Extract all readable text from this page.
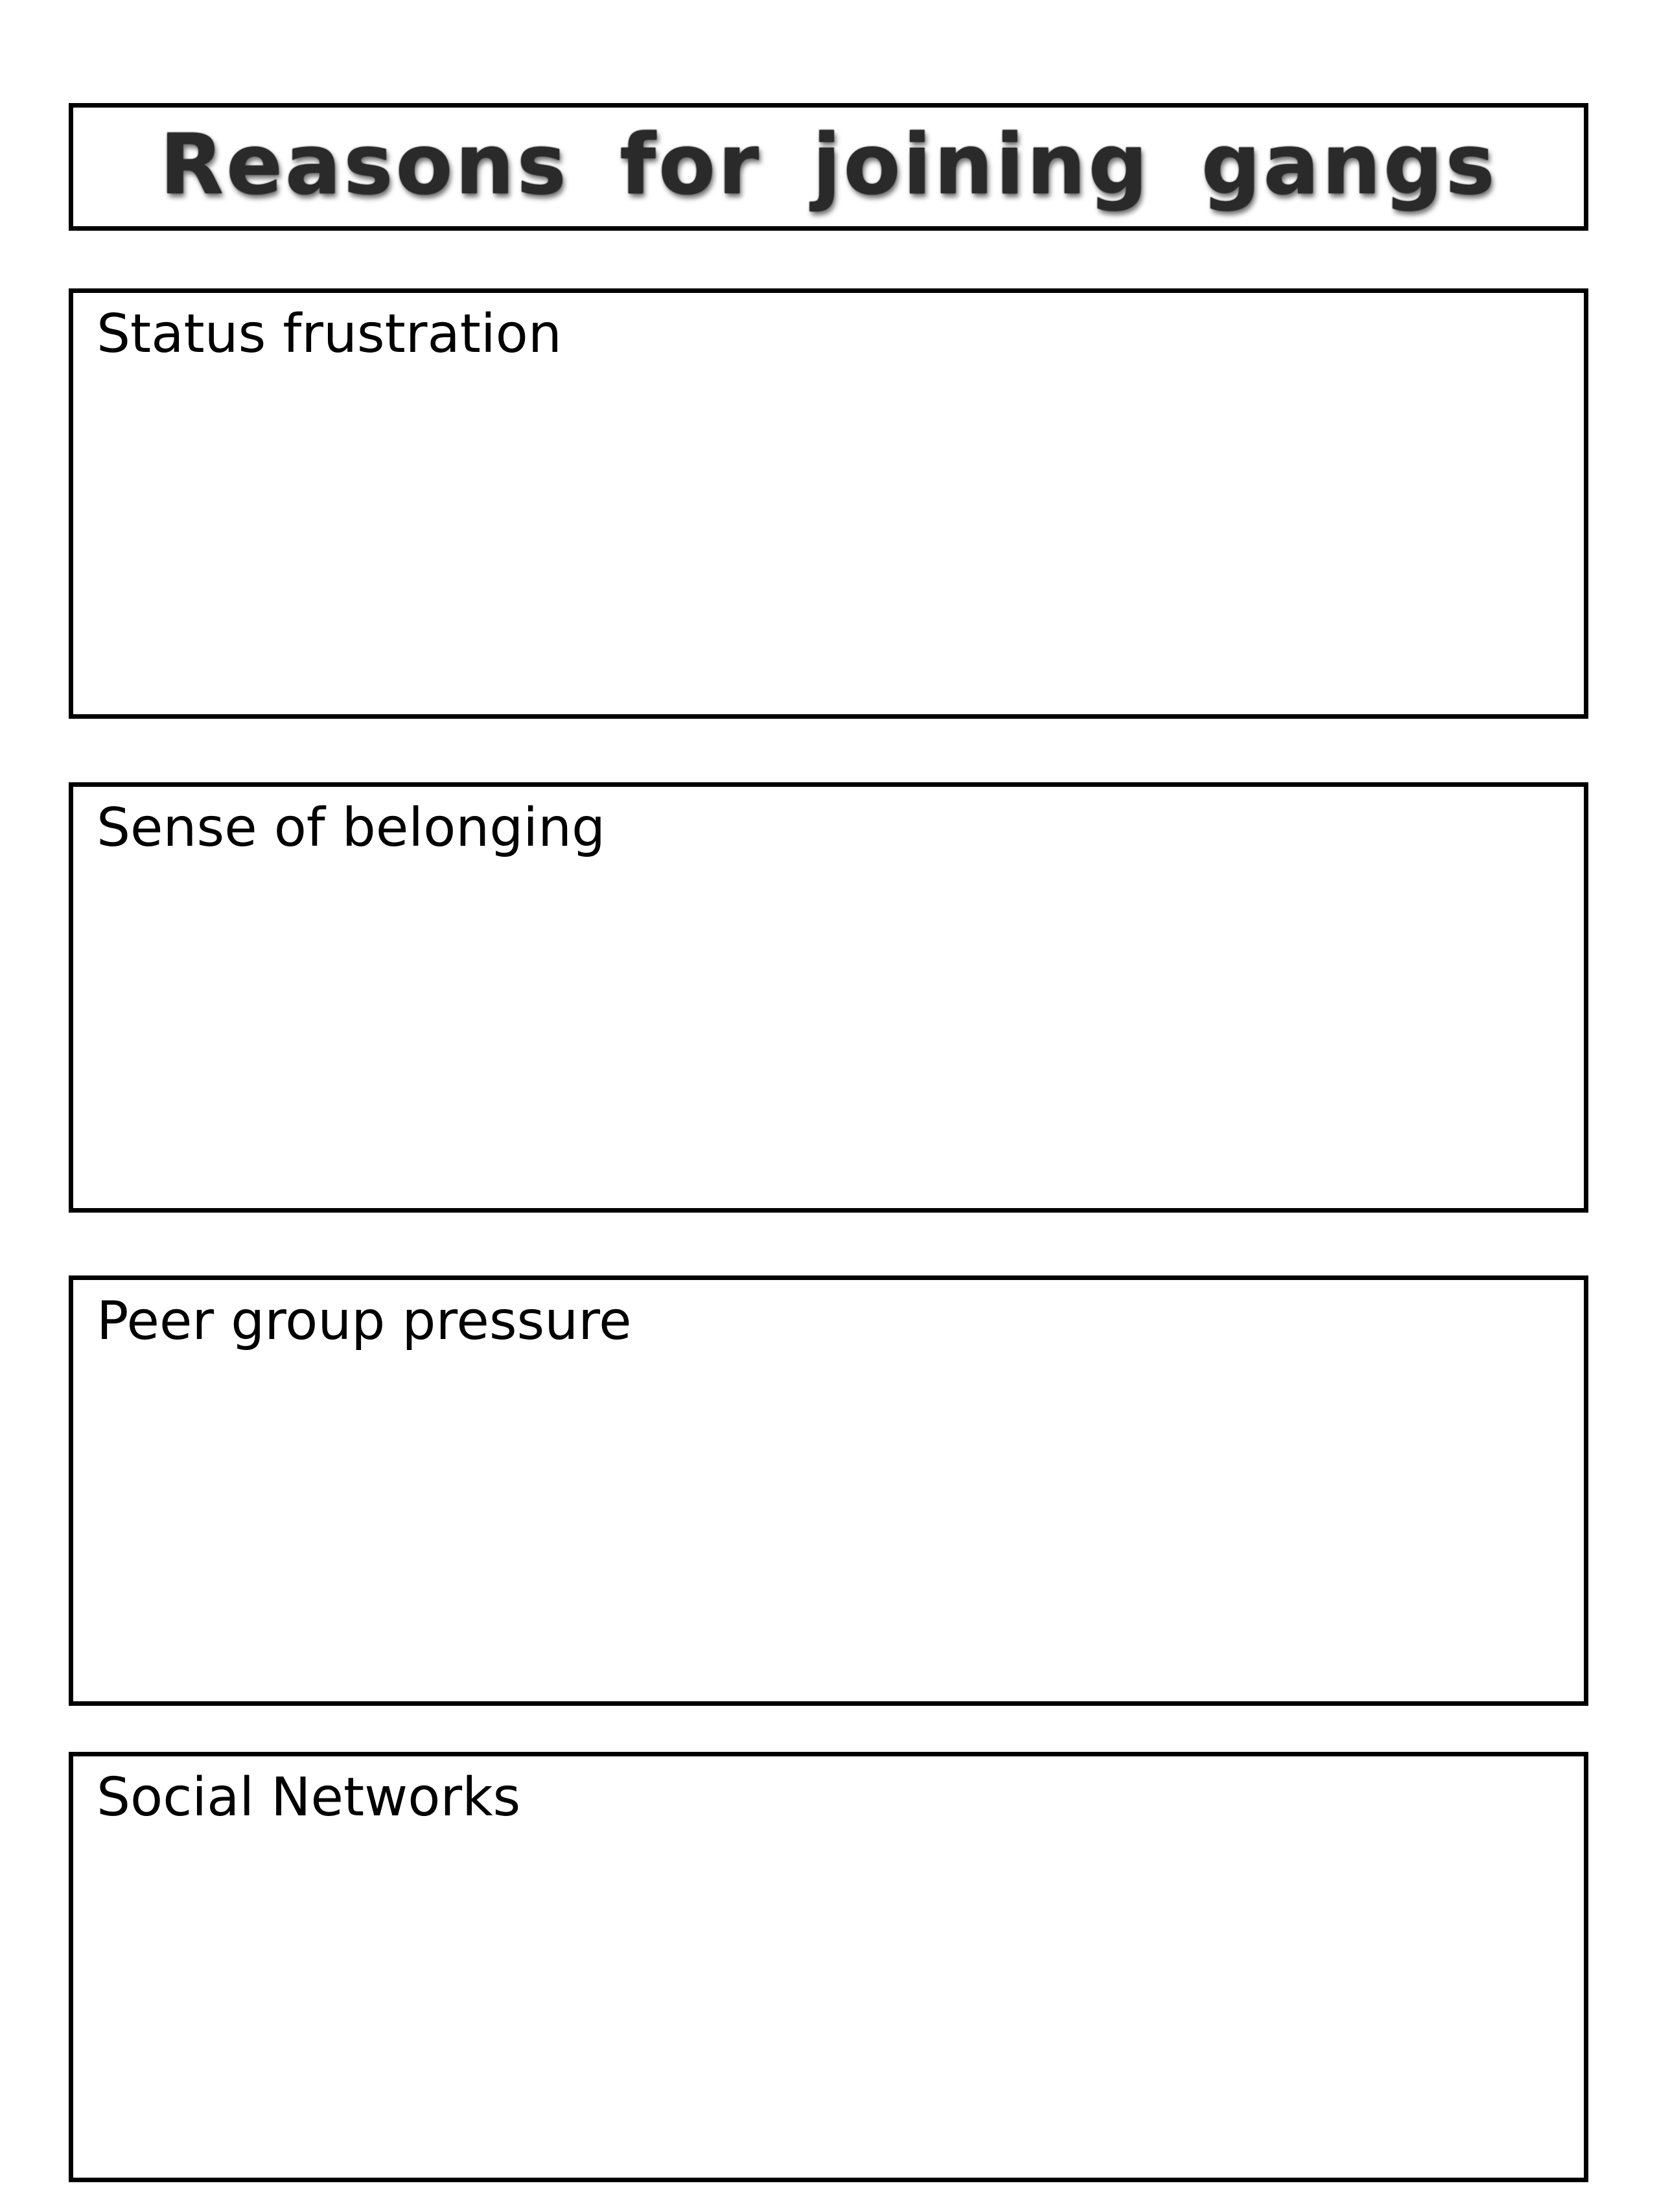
Reasons for joining gangs
Status frustration
Sense of belonging
Peer group pressure
Social Networks
